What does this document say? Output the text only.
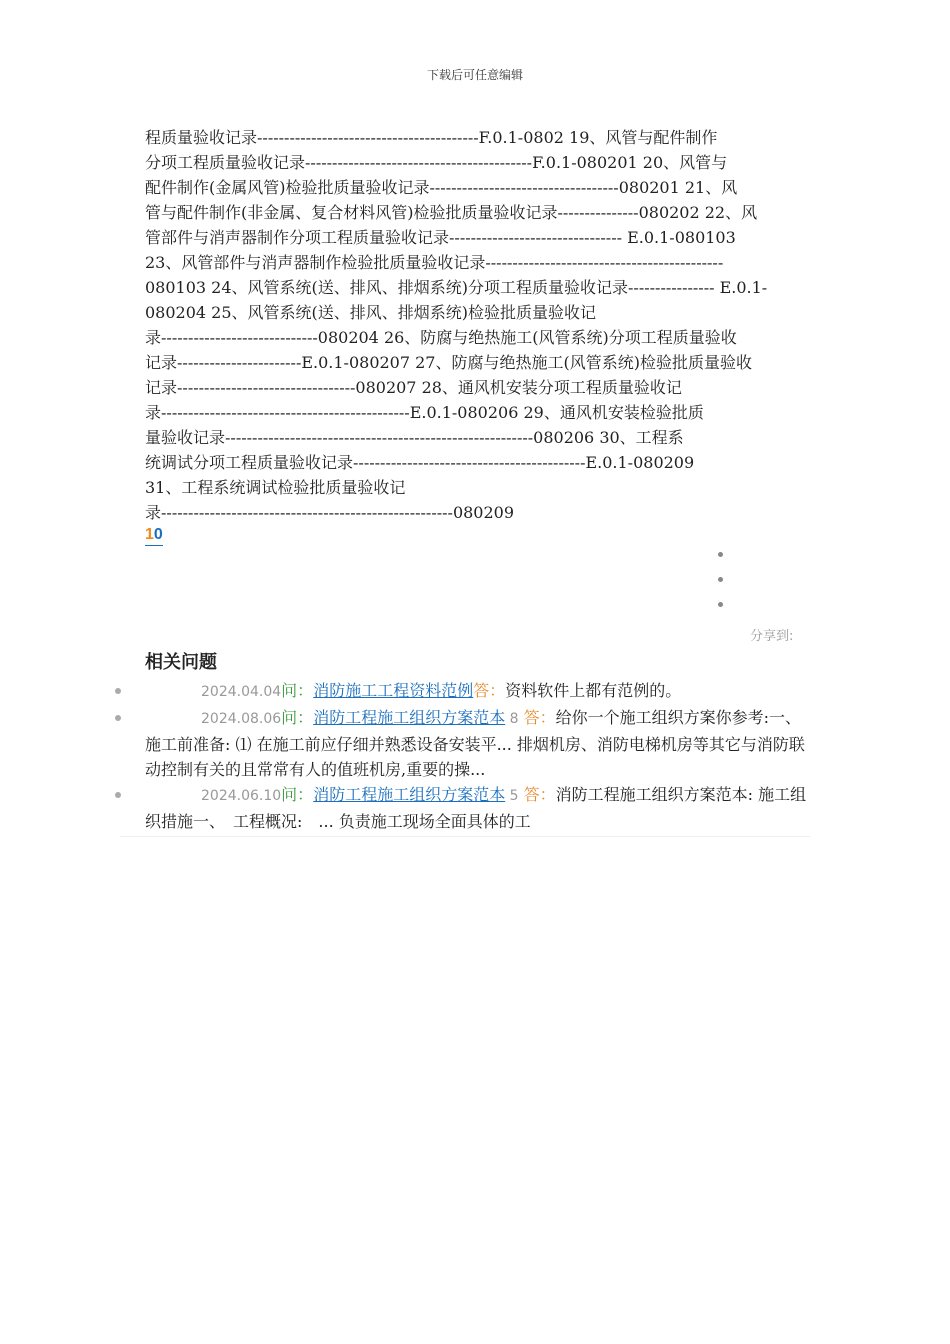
下载后可任意编辑
程质量验收记录-----------------------------------------F.0.1-0802 19、风管与配件制作
分项工程质量验收记录------------------------------------------F.0.1-080201 20、风管与
配件制作(金属风管)检验批质量验收记录-----------------------------------080201 21、风
管与配件制作(非金属、复合材料风管)检验批质量验收记录---------------080202 22、风
管部件与消声器制作分项工程质量验收记录-------------------------------- E.0.1-080103
23、风管部件与消声器制作检验批质量验收记录--------------------------------------------
080103 24、风管系统(送、排风、排烟系统)分项工程质量验收记录---------------- E.0.1-
080204 25、风管系统(送、排风、排烟系统)检验批质量验收记
录-----------------------------080204 26、防腐与绝热施工(风管系统)分项工程质量验收
记录-----------------------E.0.1-080207 27、防腐与绝热施工(风管系统)检验批质量验收
记录---------------------------------080207 28、通风机安装分项工程质量验收记
录----------------------------------------------E.0.1-080206 29、通风机安装检验批质
量验收记录---------------------------------------------------------080206 30、工程系
统调试分项工程质量验收记录-------------------------------------------E.0.1-080209
31、工程系统调试检验批质量验收记
录------------------------------------------------------080209
10
分享到:
相关问题
2024.04.04问：消防施工工程资料范例答：资料软件上都有范例的。
2024.08.06问：消防工程施工组织方案范本 8 答：给你一个施工组织方案你参考:一、施工前准备: ⑴ 在施工前应仔细并熟悉设备安装平... 排烟机房、消防电梯机房等其它与消防联动控制有关的且常常有人的值班机房,重要的操...
2024.06.10问：消防工程施工组织方案范本 5 答：消防工程施工组织方案范本: 施工组织措施一、　工程概况:　... 负责施工现场全面具体的工
